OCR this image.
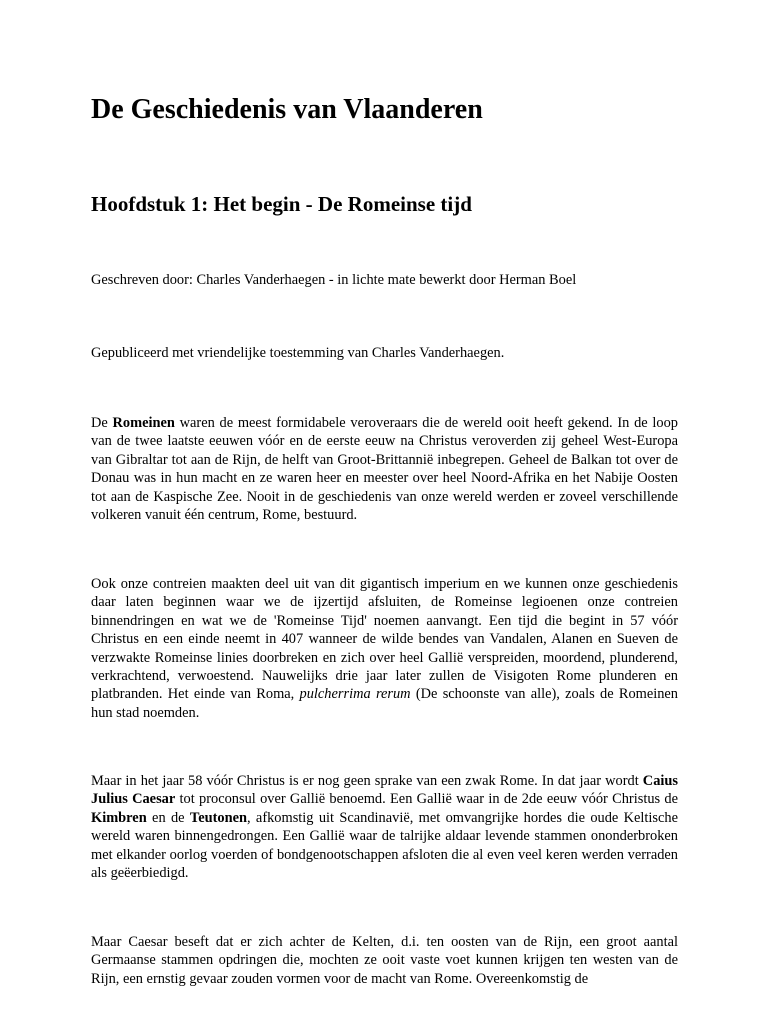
De Geschiedenis van Vlaanderen
Hoofdstuk 1: Het begin - De Romeinse tijd

Geschreven door: Charles Vanderhaegen - in lichte mate bewerkt door Herman Boel

Gepubliceerd met vriendelijke toestemming van Charles Vanderhaegen.

De Romeinen waren de meest formidabele veroveraars die de wereld ooit heeft gekend. In de loop van de twee laatste eeuwen vóór en de eerste eeuw na Christus veroverden zij geheel West-Europa van Gibraltar tot aan de Rijn, de helft van Groot-Brittannië inbegrepen. Geheel de Balkan tot over de Donau was in hun macht en ze waren heer en meester over heel Noord-Afrika en het Nabije Oosten tot aan de Kaspische Zee. Nooit in de geschiedenis van onze wereld werden er zoveel verschillende volkeren vanuit één centrum, Rome, bestuurd.

Ook onze contreien maakten deel uit van dit gigantisch imperium en we kunnen onze geschiedenis daar laten beginnen waar we de ijzertijd afsluiten, de Romeinse legioenen onze contreien binnendringen en wat we de 'Romeinse Tijd' noemen aanvangt. Een tijd die begint in 57 vóór Christus en een einde neemt in 407 wanneer de wilde bendes van Vandalen, Alanen en Sueven de verzwakte Romeinse linies doorbreken en zich over heel Gallië verspreiden, moordend, plunderend, verkrachtend, verwoestend. Nauwelijks drie jaar later zullen de Visigoten Rome plunderen en platbranden. Het einde van Roma, pulcherrima rerum (De schoonste van alle), zoals de Romeinen hun stad noemden.

Maar in het jaar 58 vóór Christus is er nog geen sprake van een zwak Rome. In dat jaar wordt Caius Julius Caesar tot proconsul over Gallië benoemd. Een Gallië waar in de 2de eeuw vóór Christus de Kimbren en de Teutonen, afkomstig uit Scandinavië, met omvangrijke hordes die oude Keltische wereld waren binnengedrongen. Een Gallië waar de talrijke aldaar levende stammen ononderbroken met elkander oorlog voerden of bondgenootschappen afsloten die al even veel keren werden verraden als geëerbiedigd.

Maar Caesar beseft dat er zich achter de Kelten, d.i. ten oosten van de Rijn, een groot aantal Germaanse stammen opdringen die, mochten ze ooit vaste voet kunnen krijgen ten westen van de Rijn, een ernstig gevaar zouden vormen voor de macht van Rome. Overeenkomstig de
